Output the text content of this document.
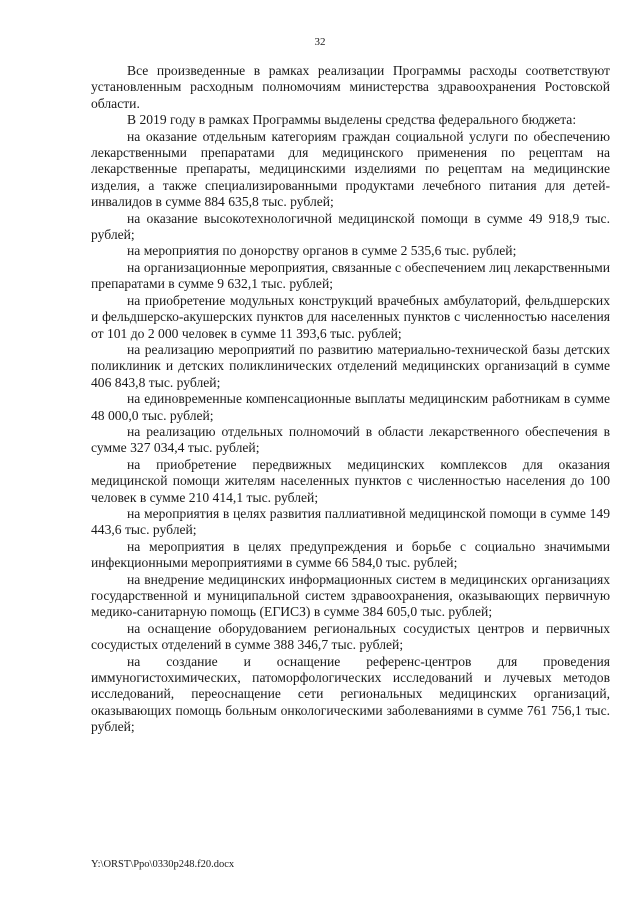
32

Все произведенные в рамках реализации Программы расходы соответствуют установленным расходным полномочиям министерства здравоохранения Ростовской области.

В 2019 году в рамках Программы выделены средства федерального бюджета:

на оказание отдельным категориям граждан социальной услуги по обеспечению лекарственными препаратами для медицинского применения по рецептам на лекарственные препараты, медицинскими изделиями по рецептам на медицинские изделия, а также специализированными продуктами лечебного питания для детей-инвалидов в сумме 884 635,8 тыс. рублей;

на оказание высокотехнологичной медицинской помощи в сумме 49 918,9 тыс. рублей;

на мероприятия по донорству органов в сумме 2 535,6 тыс. рублей;

на организационные мероприятия, связанные с обеспечением лиц лекарственными препаратами в сумме 9 632,1 тыс. рублей;

на приобретение модульных конструкций врачебных амбулаторий, фельдшерских и фельдшерско-акушерских пунктов для населенных пунктов с численностью населения от 101 до 2 000 человек в сумме 11 393,6 тыс. рублей;

на реализацию мероприятий по развитию материально-технической базы детских поликлиник и детских поликлинических отделений медицинских организаций в сумме 406 843,8 тыс. рублей;

на единовременные компенсационные выплаты медицинским работникам в сумме 48 000,0 тыс. рублей;

на реализацию отдельных полномочий в области лекарственного обеспечения в сумме 327 034,4 тыс. рублей;

на приобретение передвижных медицинских комплексов для оказания медицинской помощи жителям населенных пунктов с численностью населения до 100 человек в сумме 210 414,1 тыс. рублей;

на мероприятия в целях развития паллиативной медицинской помощи в сумме 149 443,6 тыс. рублей;

на мероприятия в целях предупреждения и борьбе с социально значимыми инфекционными мероприятиями в сумме 66 584,0 тыс. рублей;

на внедрение медицинских информационных систем в медицинских организациях государственной и муниципальной систем здравоохранения, оказывающих первичную медико-санитарную помощь (ЕГИСЗ) в сумме 384 605,0 тыс. рублей;

на оснащение оборудованием региональных сосудистых центров и первичных сосудистых отделений в сумме 388 346,7 тыс. рублей;

на создание и оснащение референс-центров для проведения иммуногистохимических, патоморфологических исследований и лучевых методов исследований, переоснащение сети региональных медицинских организаций, оказывающих помощь больным онкологическими заболеваниями в сумме 761 756,1 тыс. рублей;

Y:\ORST\Ppo\0330p248.f20.docx
